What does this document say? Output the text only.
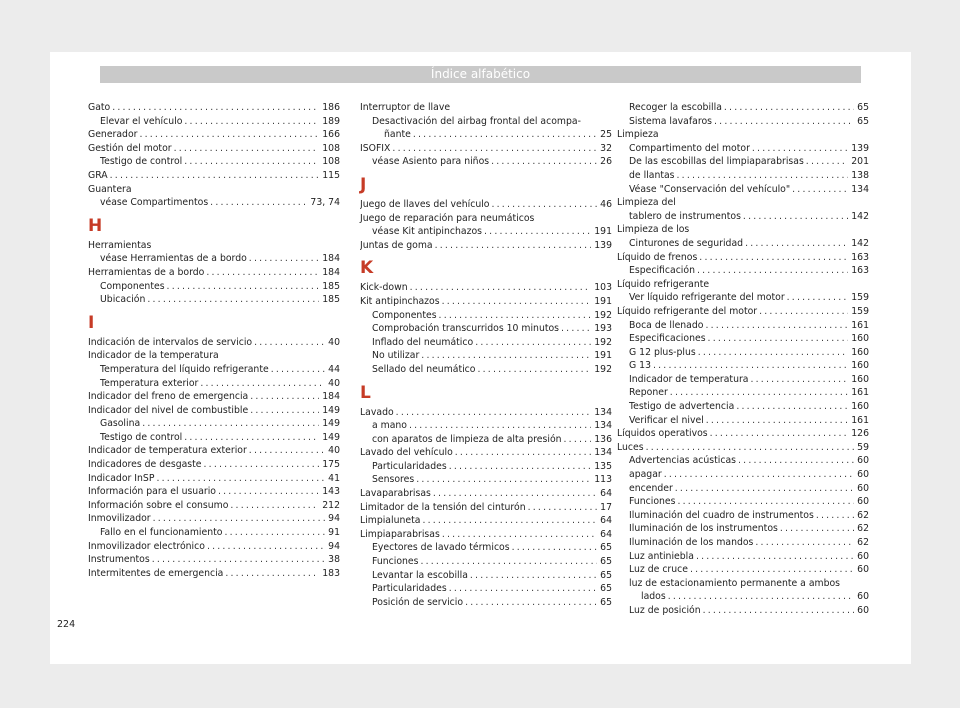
Índice alfabético
Gato .....	186
Elevar el vehículo .....	189
Generador .....	166
Gestión del motor .....	108
Testigo de control .....	108
GRA .....	115
Guantera
véase Compartimentos .....	73, 74
H
Herramientas
véase Herramientas de a bordo .....	184
Herramientas de a bordo .....	184
Componentes .....	185
Ubicación .....	185
I
Indicación de intervalos de servicio .....	40
Indicador de la temperatura
Temperatura del líquido refrigerante .....	44
Temperatura exterior .....	40
Indicador del freno de emergencia .....	184
Indicador del nivel de combustible .....	149
Gasolina .....	149
Testigo de control .....	149
Indicador de temperatura exterior .....	40
Indicadores de desgaste .....	175
Indicador InSP .....	41
Información para el usuario .....	143
Información sobre el consumo .....	212
Inmovilizador .....	94
Fallo en el funcionamiento .....	91
Inmovilizador electrónico .....	94
Instrumentos .....	38
Intermitentes de emergencia .....	183
Interruptor de llave
Desactivación del airbag frontal del acompa-
ñante .....	25
ISOFIX .....	32
véase Asiento para niños .....	26
J
Juego de llaves del vehículo .....	46
Juego de reparación para neumáticos
véase Kit antipinchazos .....	191
Juntas de goma .....	139
K
Kick-down .....	103
Kit antipinchazos .....	191
Componentes .....	192
Comprobación transcurridos 10 minutos .....	193
Inflado del neumático .....	192
No utilizar .....	191
Sellado del neumático .....	192
L
Lavado .....	134
a mano .....	134
con aparatos de limpieza de alta presión .....	136
Lavado del vehículo .....	134
Particularidades .....	135
Sensores .....	113
Lavaparabrisas .....	64
Limitador de la tensión del cinturón .....	17
Limpialuneta .....	64
Limpiaparabrisas .....	64
Eyectores de lavado térmicos .....	65
Funciones .....	65
Levantar la escobilla .....	65
Particularidades .....	65
Posición de servicio .....	65
Recoger la escobilla .....	65
Sistema lavafaros .....	65
Limpieza
Compartimento del motor .....	139
De las escobillas del limpiaparabrisas .....	201
de llantas .....	138
Véase "Conservación del vehículo" .....	134
Limpieza del
tablero de instrumentos .....	142
Limpieza de los
Cinturones de seguridad .....	142
Líquido de frenos .....	163
Especificación .....	163
Líquido refrigerante
Ver líquido refrigerante del motor .....	159
Líquido refrigerante del motor .....	159
Boca de llenado .....	161
Especificaciones .....	160
G 12 plus-plus .....	160
G 13 .....	160
Indicador de temperatura .....	160
Reponer .....	161
Testigo de advertencia .....	160
Verificar el nivel .....	161
Líquidos operativos .....	126
Luces .....	59
Advertencias acústicas .....	60
apagar .....	60
encender .....	60
Funciones .....	60
Iluminación del cuadro de instrumentos .....	62
Iluminación de los instrumentos .....	62
Iluminación de los mandos .....	62
Luz antiniebla .....	60
Luz de cruce .....	60
luz de estacionamiento permanente a ambos
lados .....	60
Luz de posición .....	60
224
